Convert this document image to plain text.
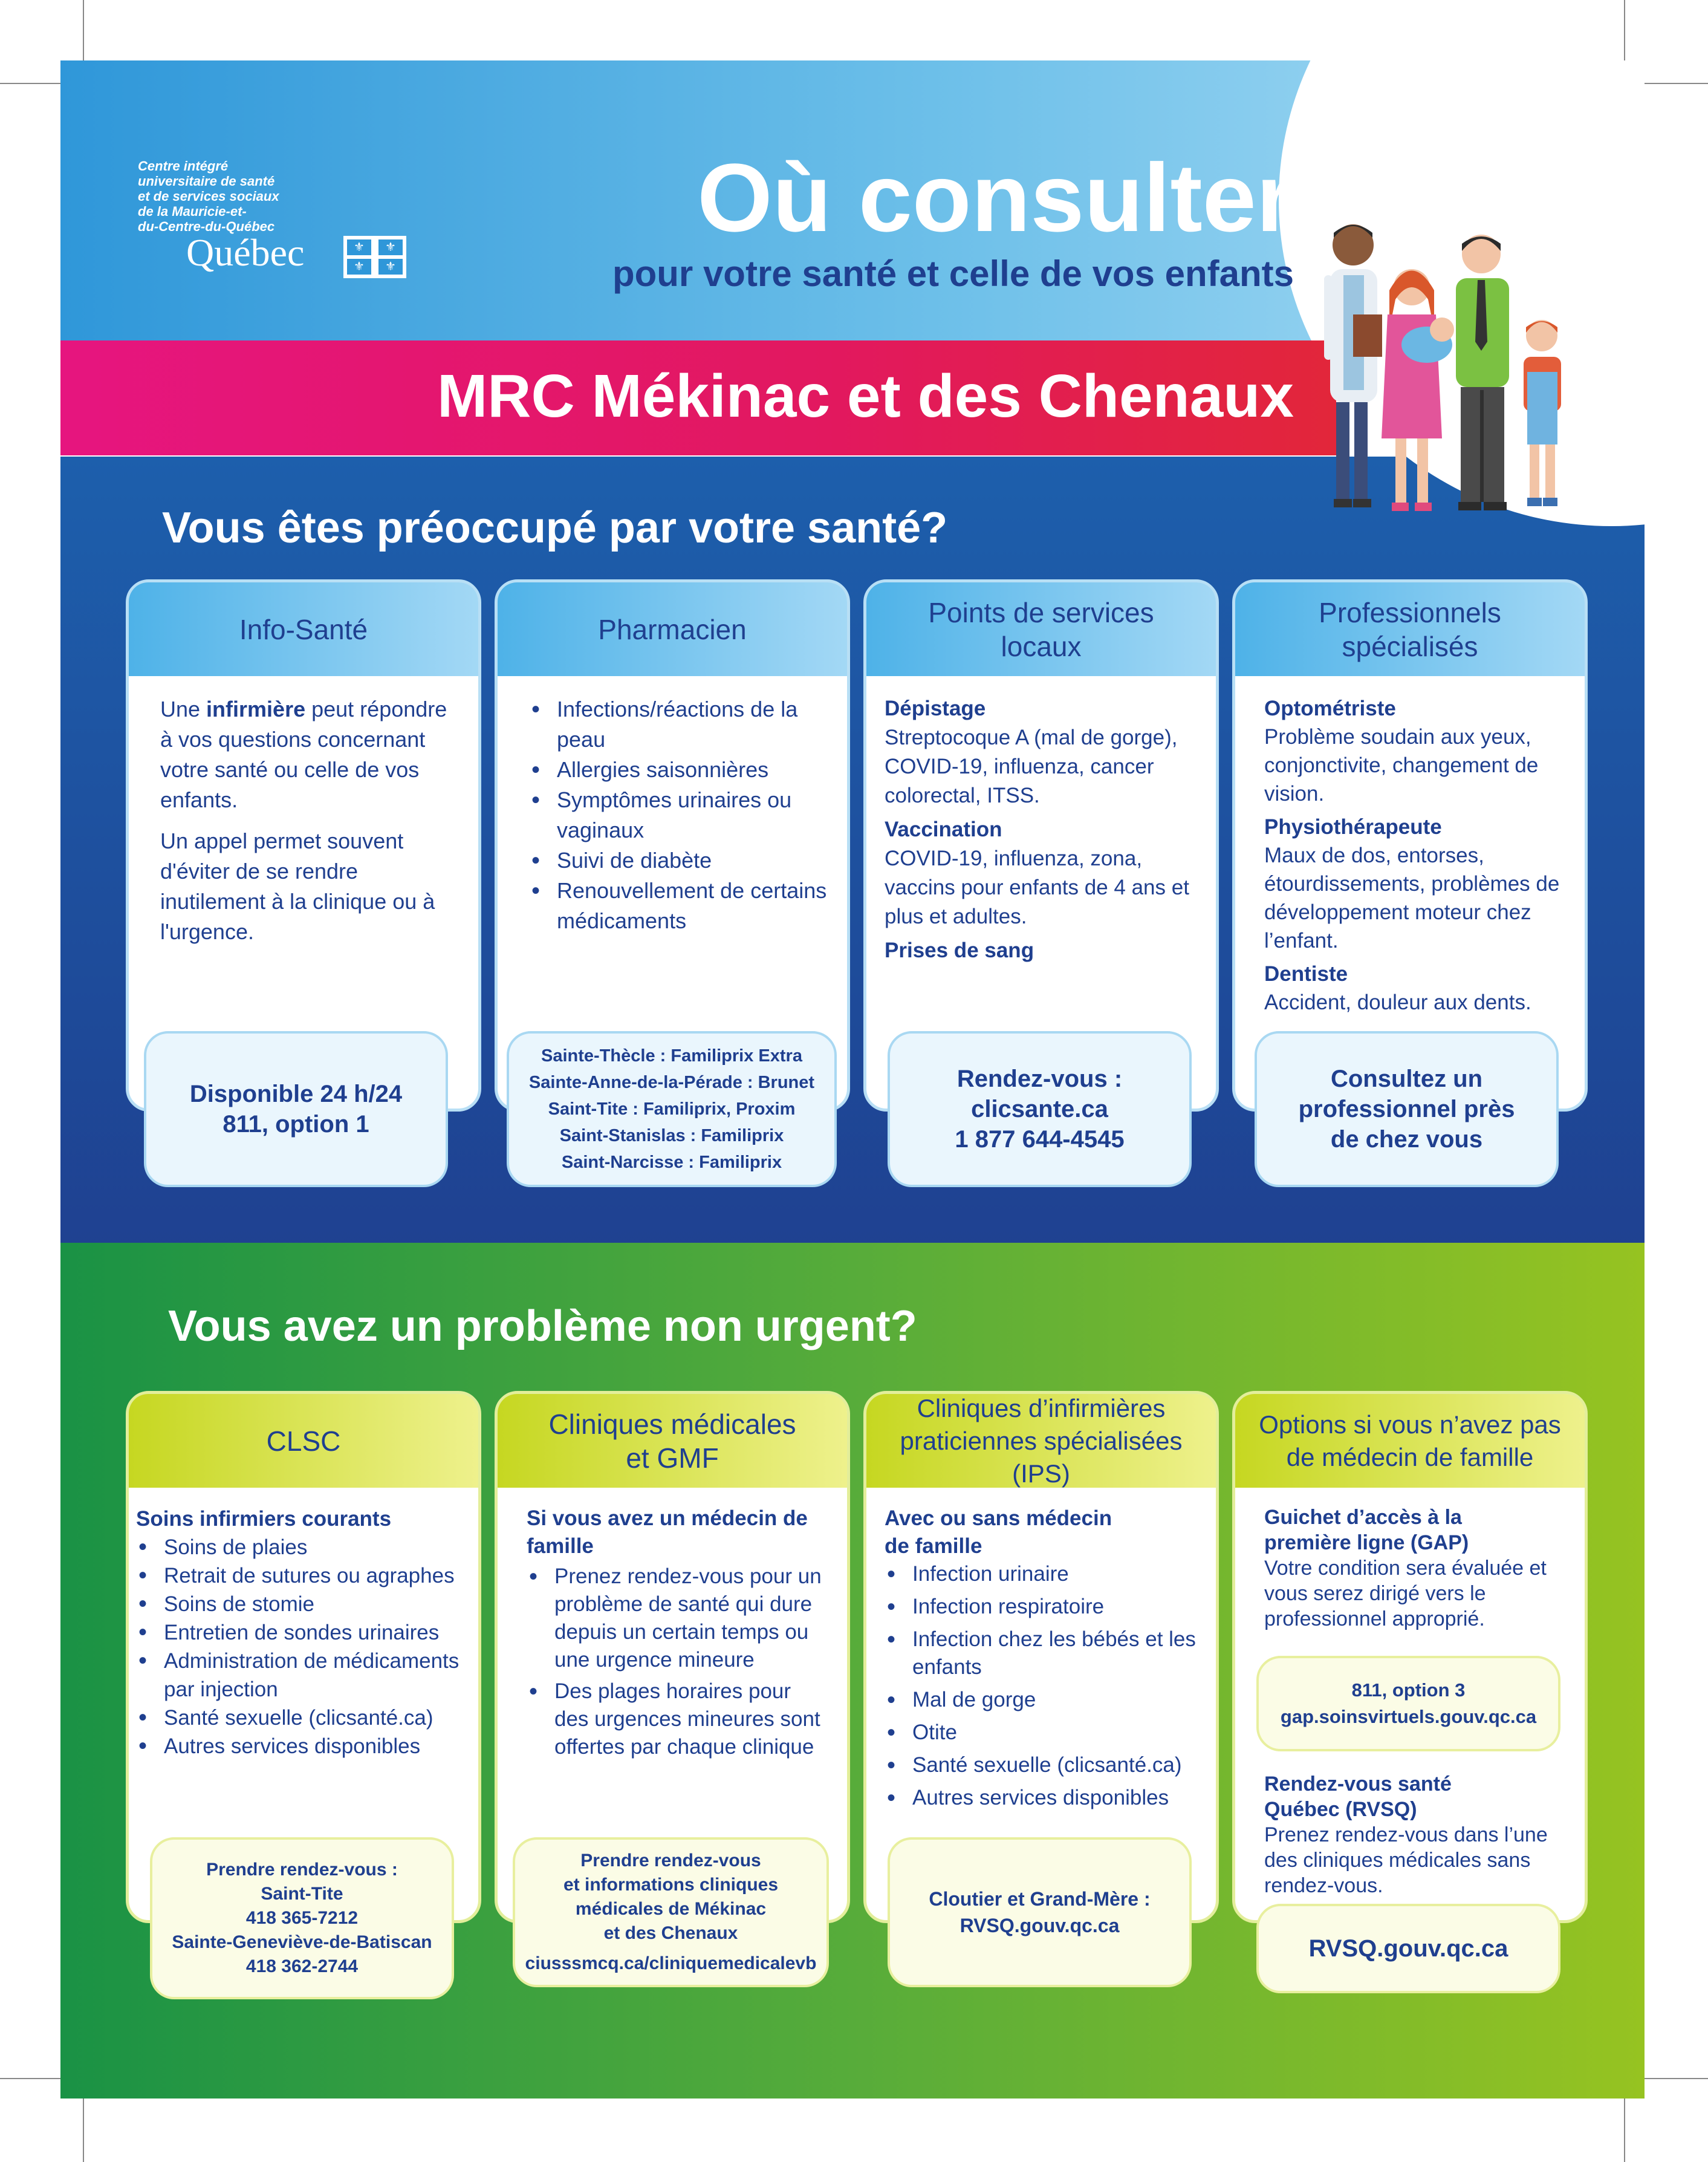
Centre intégré
universitaire de santé
et de services sociaux
de la Mauricie-et-
du-Centre-du-Québec
Québec	⚜	⚜
⚜	⚜
Où consulter
pour votre santé et celle de vos enfants
MRC Mékinac et des Chenaux
Vous êtes préoccupé par votre santé?
Info-Santé

Une infirmière peut répondre à vos questions concernant votre santé ou celle de vos enfants.

Un appel permet souvent d'éviter de se rendre inutilement à la clinique ou à l'urgence.

Disponible 24 h/24
811, option 1
Pharmacien
• Infections/réactions de la peau
• Allergies saisonnières
• Symptômes urinaires ou vaginaux
• Suivi de diabète
• Renouvellement de certains médicaments
Sainte-Thècle : Familiprix Extra
Sainte-Anne-de-la-Pérade : Brunet
Saint-Tite : Familiprix, Proxim
Saint-Stanislas : Familiprix
Saint-Narcisse : Familiprix
Points de services locaux
Dépistage

Streptocoque A (mal de gorge), COVID-19, influenza, cancer colorectal, ITSS.

Vaccination

COVID-19, influenza, zona, vaccins pour enfants de 4 ans et plus et adultes.

Prises de sang
Rendez-vous :
clicsante.ca
1 877 644-4545
Professionnels spécialisés
Optométriste

Problème soudain aux yeux, conjonctivite, changement de vision.

Physiothérapeute

Maux de dos, entorses, étourdissements, problèmes de développement moteur chez l’enfant.

Dentiste

Accident, douleur aux dents.

Consultez un
professionnel près
de chez vous
Vous avez un problème non urgent?
CLSC
Soins infirmiers courants
• Soins de plaies
• Retrait de sutures ou agraphes
• Soins de stomie
• Entretien de sondes urinaires
• Administration de médicaments par injection
• Santé sexuelle (clicsanté.ca)
• Autres services disponibles
Prendre rendez-vous :
Saint-Tite
418 365-7212
Sainte-Geneviève-de-Batiscan
418 362-2744
Cliniques médicales et GMF
Si vous avez un médecin de famille
• Prenez rendez-vous pour un problème de santé qui dure depuis un certain temps ou une urgence mineure
• Des plages horaires pour des urgences mineures sont offertes par chaque clinique
Prendre rendez-vous
et informations cliniques
médicales de Mékinac
et des Chenaux
ciusssmcq.ca/cliniquemedicalevb
Cliniques d’infirmières praticiennes spécialisées (IPS)
Avec ou sans médecin de famille
• Infection urinaire
• Infection respiratoire
• Infection chez les bébés et les enfants
• Mal de gorge
• Otite
• Santé sexuelle (clicsanté.ca)
• Autres services disponibles
Cloutier et Grand-Mère :
RVSQ.gouv.qc.ca
Options si vous n’avez pas de médecin de famille
Guichet d’accès à la première ligne (GAP)

Votre condition sera évaluée et vous serez dirigé vers le professionnel approprié.

Rendez-vous santé Québec (RVSQ)

Prenez rendez-vous dans l’une des cliniques médicales sans rendez-vous.

811, option 3
gap.soinsvirtuels.gouv.qc.ca
RVSQ.gouv.qc.ca
